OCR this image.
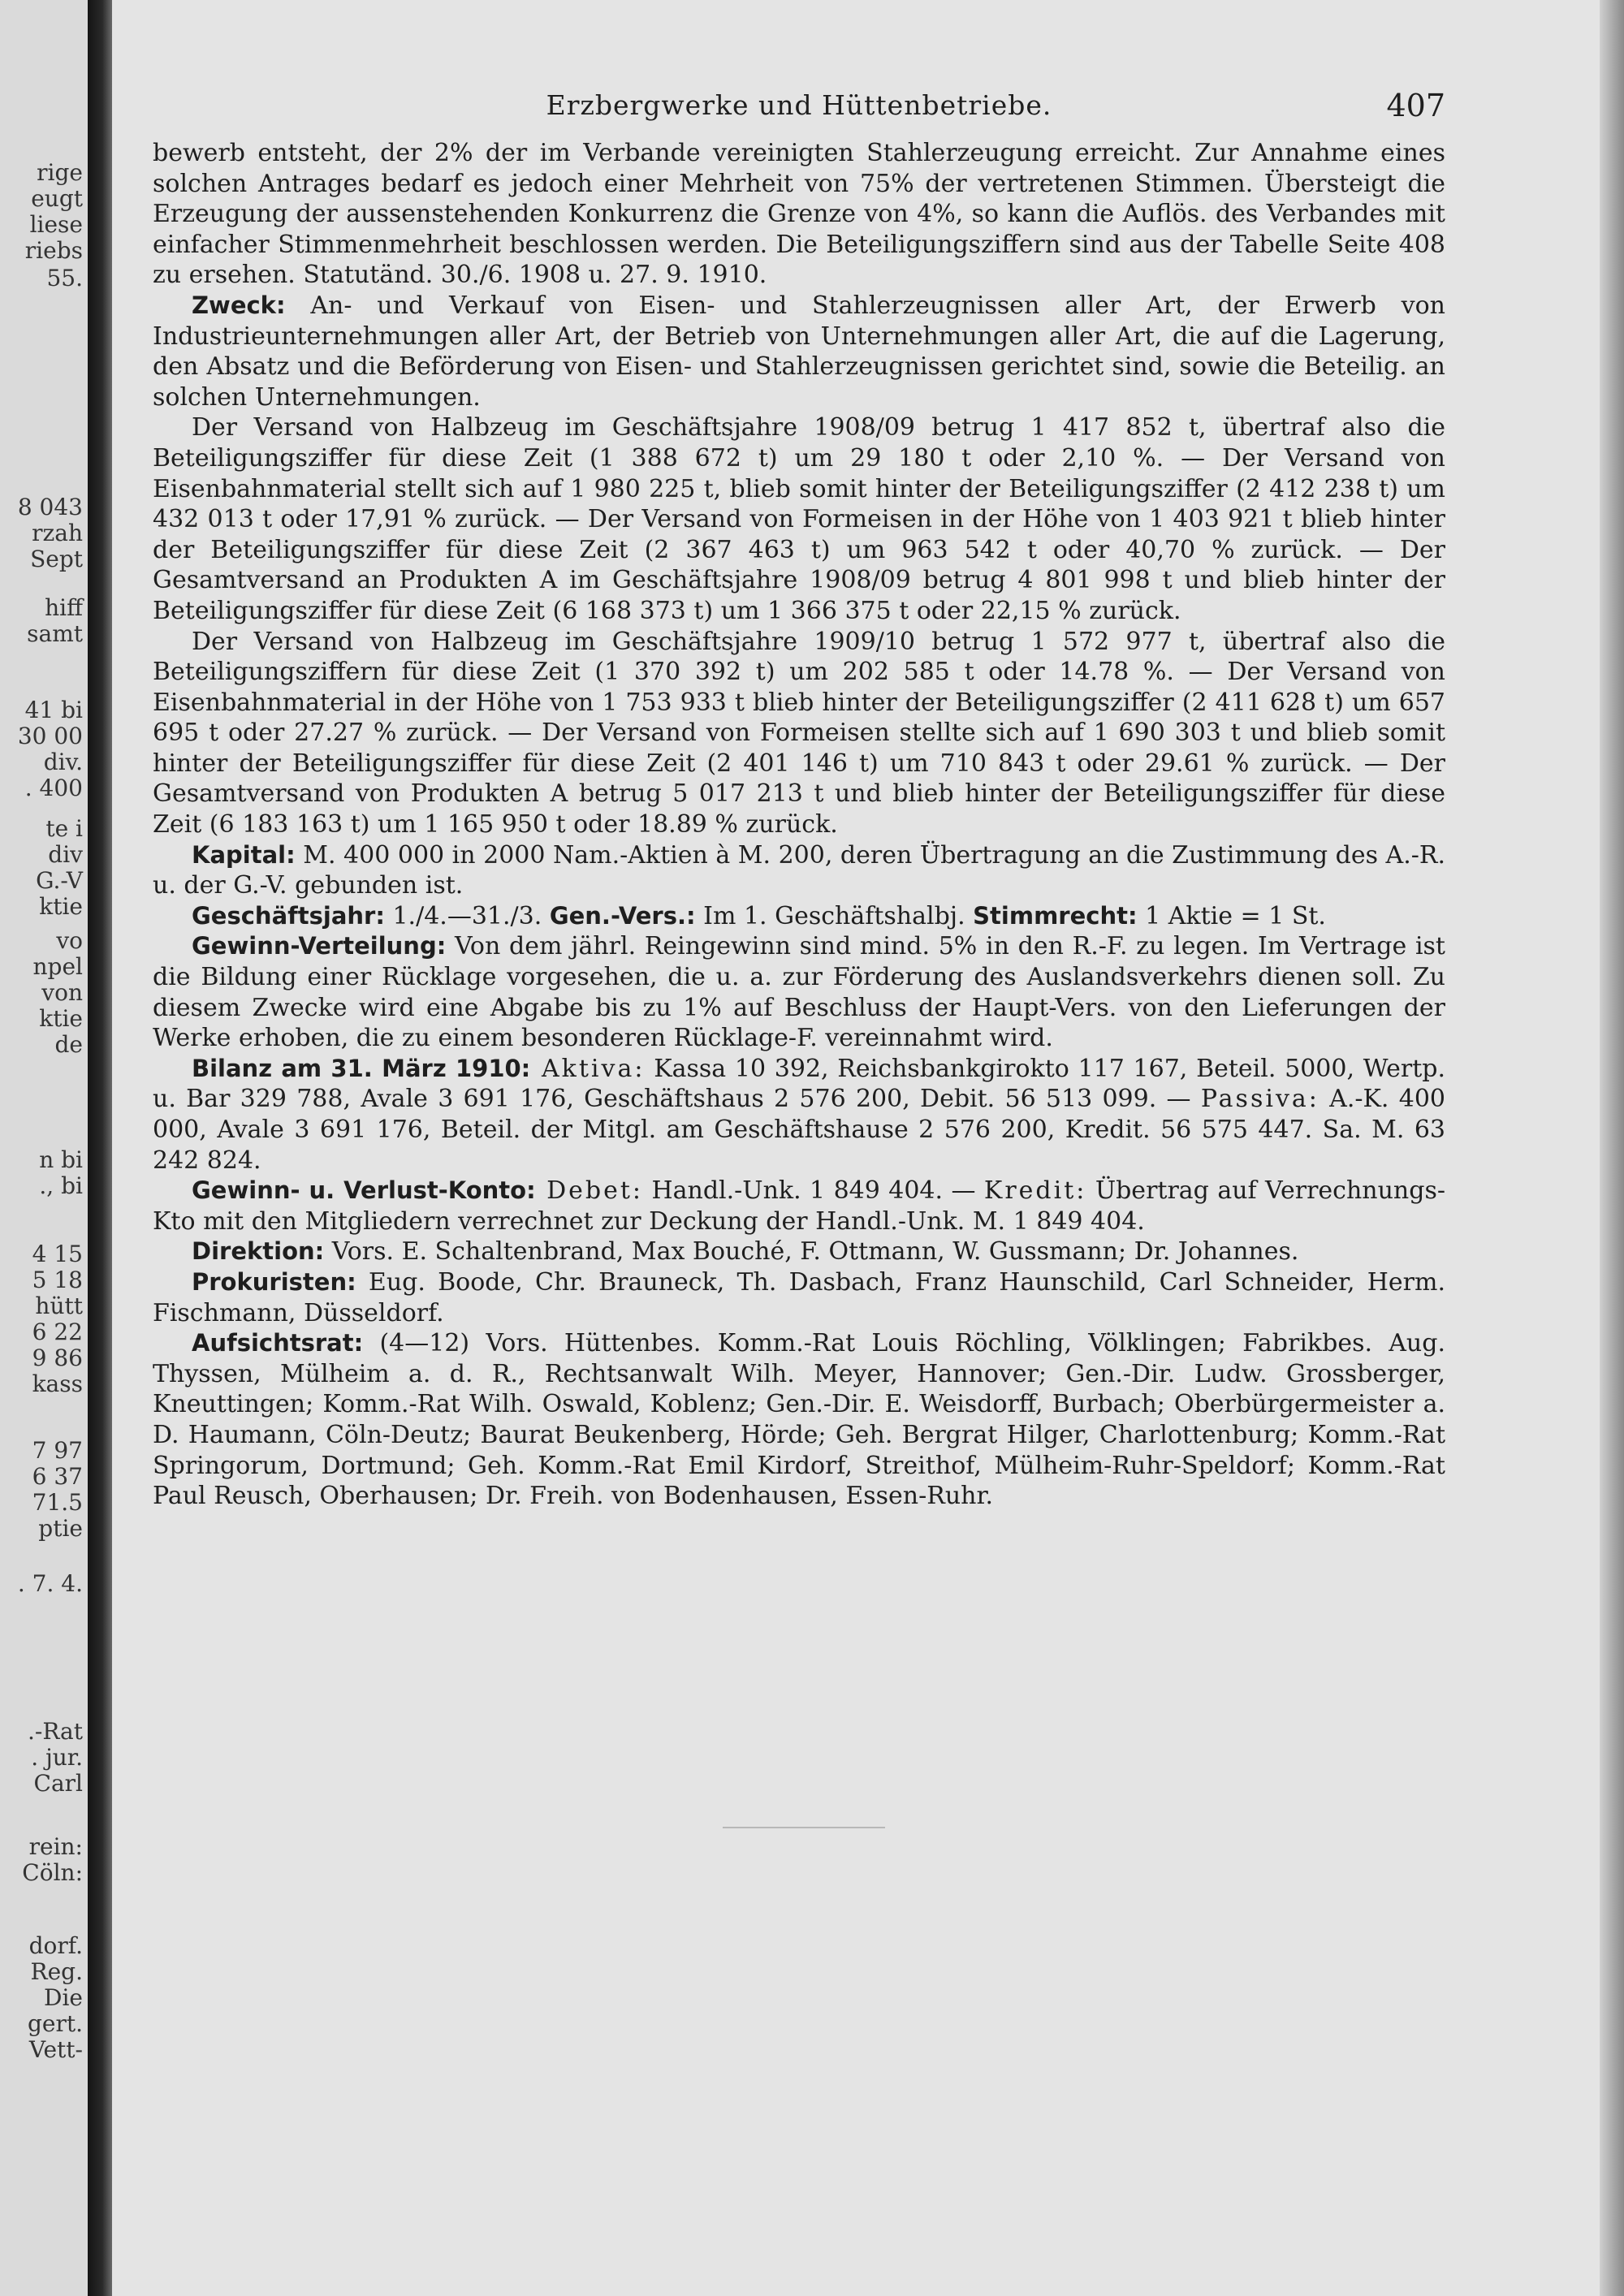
rige
eugt
liese
riebs
55.
8 043
rzah
Sept
hiff
samt
41 bi
30 00
div.
. 400
te i
div
G.-V
ktie
vo
npel
von
ktie
de
n bi
., bi
4 15
5 18
hütt
6 22
9 86
kass
7 97
6 37
71.5
ptie
. 7. 4.
.-Rat
. jur.
Carl
rein:
Cöln:
dorf.
Reg.
Die
gert.
Vett-
Erzbergwerke und Hüttenbetriebe.	407

bewerb entsteht, der 2% der im Verbande vereinigten Stahlerzeugung erreicht. Zur Annahme eines solchen Antrages bedarf es jedoch einer Mehrheit von 75% der vertretenen Stimmen. Übersteigt die Erzeugung der aussenstehenden Konkurrenz die Grenze von 4%, so kann die Auflös. des Verbandes mit einfacher Stimmenmehrheit beschlossen werden. Die Beteiligungsziffern sind aus der Tabelle Seite 408 zu ersehen. Statutänd. 30./6. 1908 u. 27. 9. 1910.

Zweck: An- und Verkauf von Eisen- und Stahlerzeugnissen aller Art, der Erwerb von Industrieunternehmungen aller Art, der Betrieb von Unternehmungen aller Art, die auf die Lagerung, den Absatz und die Beförderung von Eisen- und Stahlerzeugnissen gerichtet sind, sowie die Beteilig. an solchen Unternehmungen.

Der Versand von Halbzeug im Geschäftsjahre 1908/09 betrug 1 417 852 t, übertraf also die Beteiligungsziffer für diese Zeit (1 388 672 t) um 29 180 t oder 2,10 %. — Der Versand von Eisenbahnmaterial stellt sich auf 1 980 225 t, blieb somit hinter der Beteiligungsziffer (2 412 238 t) um 432 013 t oder 17,91 % zurück. — Der Versand von Formeisen in der Höhe von 1 403 921 t blieb hinter der Beteiligungsziffer für diese Zeit (2 367 463 t) um 963 542 t oder 40,70 % zurück. — Der Gesamtversand an Produkten A im Geschäftsjahre 1908/09 betrug 4 801 998 t und blieb hinter der Beteiligungsziffer für diese Zeit (6 168 373 t) um 1 366 375 t oder 22,15 % zurück.

Der Versand von Halbzeug im Geschäftsjahre 1909/10 betrug 1 572 977 t, übertraf also die Beteiligungsziffern für diese Zeit (1 370 392 t) um 202 585 t oder 14.78 %. — Der Versand von Eisenbahnmaterial in der Höhe von 1 753 933 t blieb hinter der Beteiligungsziffer (2 411 628 t) um 657 695 t oder 27.27 % zurück. — Der Versand von Formeisen stellte sich auf 1 690 303 t und blieb somit hinter der Beteiligungsziffer für diese Zeit (2 401 146 t) um 710 843 t oder 29.61 % zurück. — Der Gesamtversand von Produkten A betrug 5 017 213 t und blieb hinter der Beteiligungsziffer für diese Zeit (6 183 163 t) um 1 165 950 t oder 18.89 % zurück.

Kapital: M. 400 000 in 2000 Nam.-Aktien à M. 200, deren Übertragung an die Zustimmung des A.-R. u. der G.-V. gebunden ist.

Geschäftsjahr: 1./4.—31./3. Gen.-Vers.: Im 1. Geschäftshalbj. Stimmrecht: 1 Aktie = 1 St.

Gewinn-Verteilung: Von dem jährl. Reingewinn sind mind. 5% in den R.-F. zu legen. Im Vertrage ist die Bildung einer Rücklage vorgesehen, die u. a. zur Förderung des Auslandsverkehrs dienen soll. Zu diesem Zwecke wird eine Abgabe bis zu 1% auf Beschluss der Haupt-Vers. von den Lieferungen der Werke erhoben, die zu einem besonderen Rücklage-F. vereinnahmt wird.

Bilanz am 31. März 1910: Aktiva: Kassa 10 392, Reichsbankgirokto 117 167, Beteil. 5000, Wertp. u. Bar 329 788, Avale 3 691 176, Geschäftshaus 2 576 200, Debit. 56 513 099. — Passiva: A.-K. 400 000, Avale 3 691 176, Beteil. der Mitgl. am Geschäftshause 2 576 200, Kredit. 56 575 447. Sa. M. 63 242 824.

Gewinn- u. Verlust-Konto: Debet: Handl.-Unk. 1 849 404. — Kredit: Übertrag auf Verrechnungs-Kto mit den Mitgliedern verrechnet zur Deckung der Handl.-Unk. M. 1 849 404.

Direktion: Vors. E. Schaltenbrand, Max Bouché, F. Ottmann, W. Gussmann; Dr. Johannes.

Prokuristen: Eug. Boode, Chr. Brauneck, Th. Dasbach, Franz Haunschild, Carl Schneider, Herm. Fischmann, Düsseldorf.

Aufsichtsrat: (4—12) Vors. Hüttenbes. Komm.-Rat Louis Röchling, Völklingen; Fabrikbes. Aug. Thyssen, Mülheim a. d. R., Rechtsanwalt Wilh. Meyer, Hannover; Gen.-Dir. Ludw. Grossberger, Kneuttingen; Komm.-Rat Wilh. Oswald, Koblenz; Gen.-Dir. E. Weisdorff, Burbach; Oberbürgermeister a. D. Haumann, Cöln-Deutz; Baurat Beukenberg, Hörde; Geh. Bergrat Hilger, Charlottenburg; Komm.-Rat Springorum, Dortmund; Geh. Komm.-Rat Emil Kirdorf, Streithof, Mülheim-Ruhr-Speldorf; Komm.-Rat Paul Reusch, Oberhausen; Dr. Freih. von Bodenhausen, Essen-Ruhr.
